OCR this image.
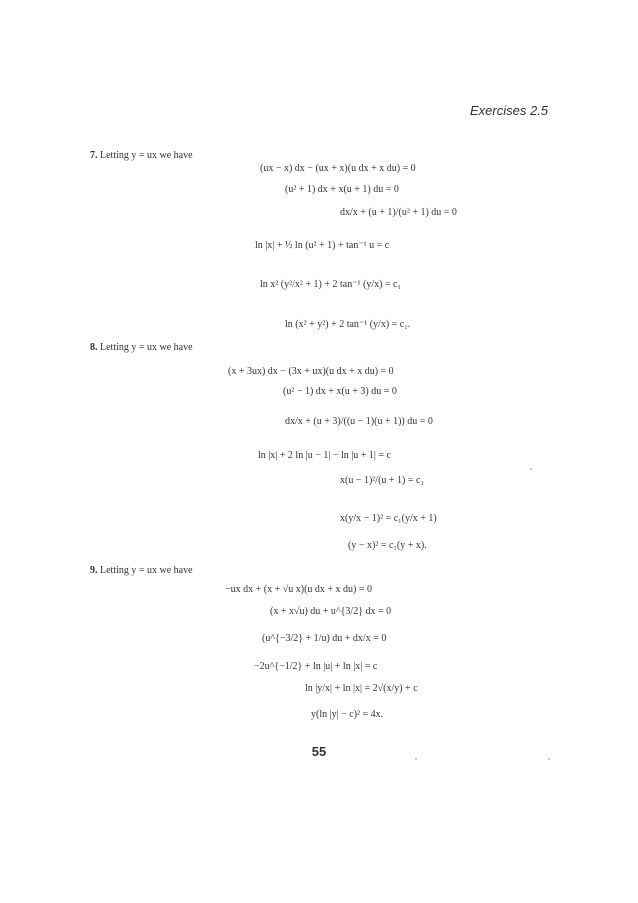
Exercises 2.5
7. Letting y = ux we have
(ux − x) dx − (ux + x)(u dx + x du) = 0
(u² + 1) dx + x(u + 1) du = 0
dx/x + (u + 1)/(u² + 1) du = 0
ln |x| + ½ ln (u² + 1) + tan⁻¹ u = c
ln x² (y²/x² + 1) + 2 tan⁻¹ (y/x) = c₁
ln (x² + y²) + 2 tan⁻¹ (y/x) = c₁.
8. Letting y = ux we have
(x + 3ux) dx − (3x + ux)(u dx + x du) = 0
(u² − 1) dx + x(u + 3) du = 0
dx/x + (u + 3)/((u − 1)(u + 1)) du = 0
ln |x| + 2 ln |u − 1| − ln |u + 1| = c
x(u − 1)²/(u + 1) = c₁
x(y/x − 1)² = c₁(y/x + 1)
(y − x)² = c₁(y + x).
9. Letting y = ux we have
−ux dx + (x + √u x)(u dx + x du) = 0
(x + x√u) du + u^{3/2} dx = 0
(u^{−3/2} + 1/u) du + dx/x = 0
−2u^{−1/2} + ln |u| + ln |x| = c
ln |y/x| + ln |x| = 2√(x/y) + c
y(ln |y| − c)² = 4x.
55
